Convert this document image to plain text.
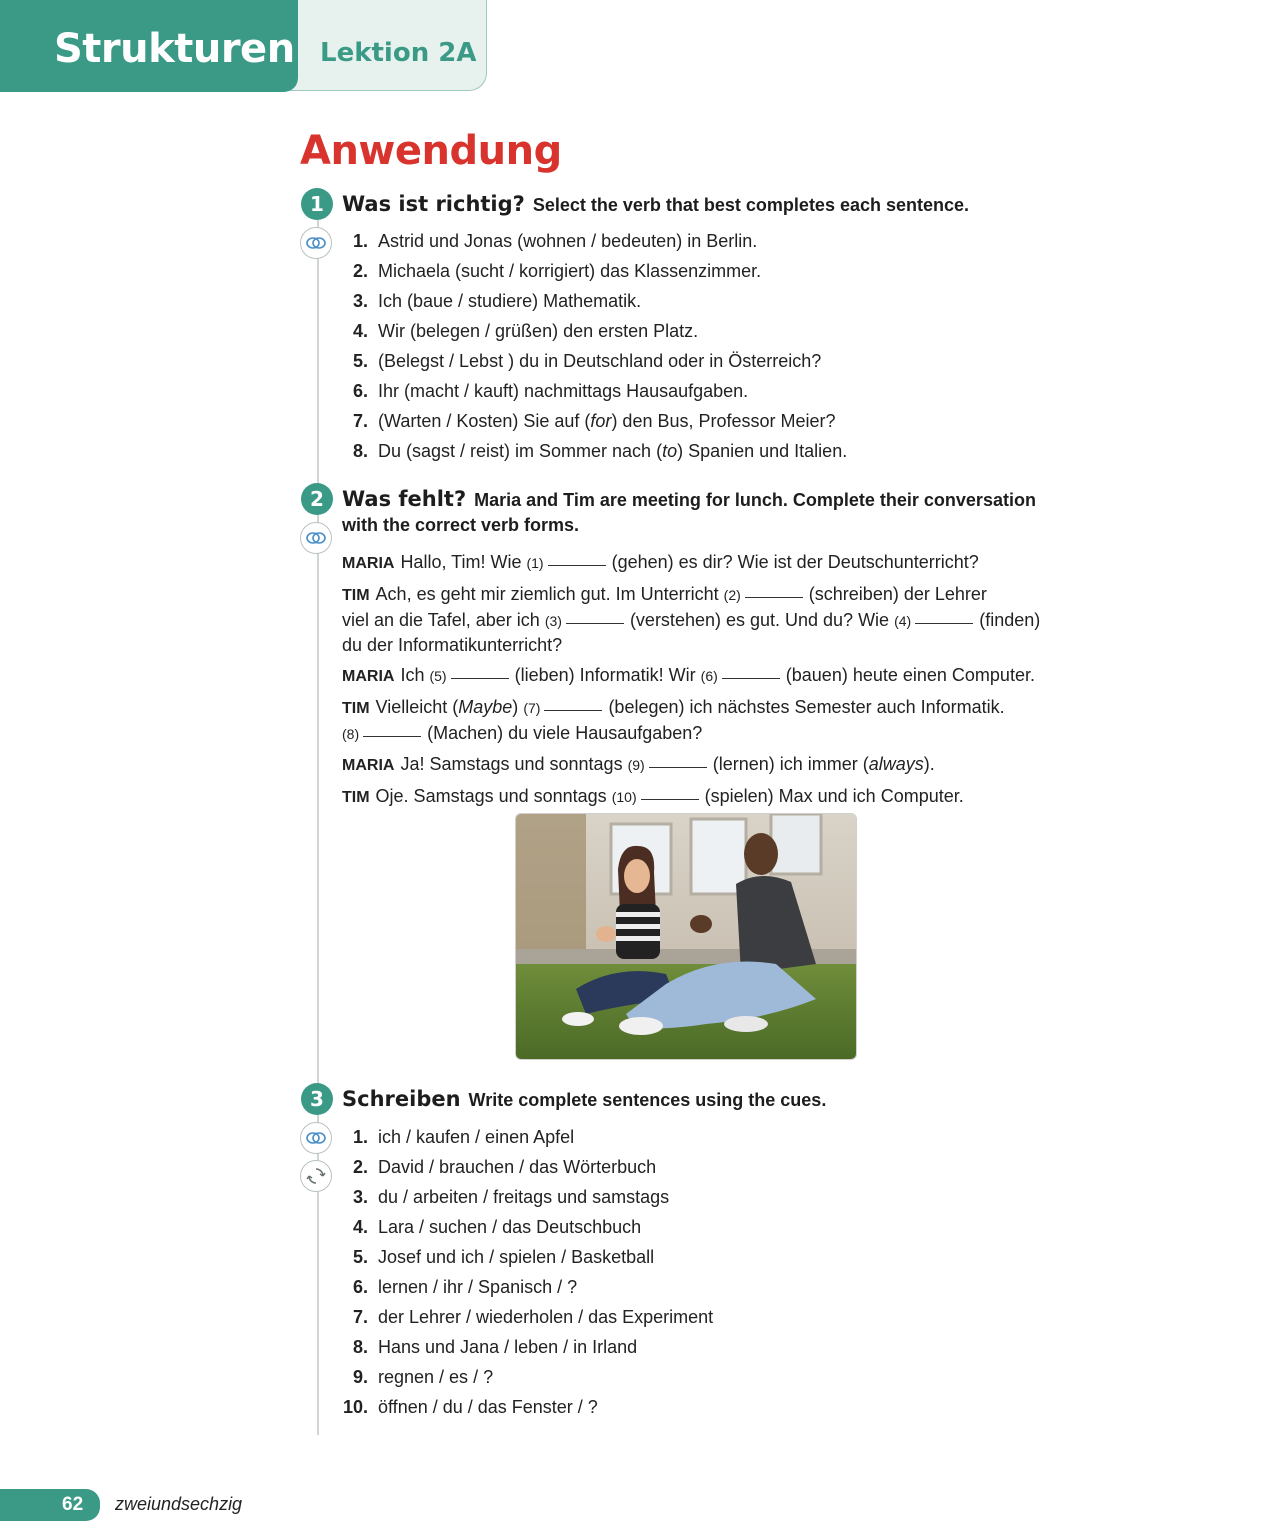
Strukturen Lektion 2A
Anwendung
1 Was ist richtig? Select the verb that best completes each sentence.
1. Astrid und Jonas (wohnen / bedeuten) in Berlin.
2. Michaela (sucht / korrigiert) das Klassenzimmer.
3. Ich (baue / studiere) Mathematik.
4. Wir (belegen / grüßen) den ersten Platz.
5. (Belegst / Lebst ) du in Deutschland oder in Österreich?
6. Ihr (macht / kauft) nachmittags Hausaufgaben.
7. (Warten / Kosten) Sie auf (for) den Bus, Professor Meier?
8. Du (sagst / reist) im Sommer nach (to) Spanien und Italien.
2 Was fehlt? Maria and Tim are meeting for lunch. Complete their conversation with the correct verb forms.
MARIA Hallo, Tim! Wie (1)	(gehen) es dir? Wie ist der Deutschunterricht?
TIM Ach, es geht mir ziemlich gut. Im Unterricht (2)	(schreiben) der Lehrer
viel an die Tafel, aber ich (3)	(verstehen) es gut. Und du? Wie (4)	(finden)
du der Informatikunterricht?
MARIA Ich (5)	(lieben) Informatik! Wir (6)	(bauen) heute einen Computer.
TIM Vielleicht (Maybe) (7)	(belegen) ich nächstes Semester auch Informatik.
(8)	(Machen) du viele Hausaufgaben?
MARIA Ja! Samstags und sonntags (9)	(lernen) ich immer (always).
TIM Oje. Samstags und sonntags (10)	(spielen) Max und ich Computer.
3 Schreiben Write complete sentences using the cues.
1. ich / kaufen / einen Apfel
2. David / brauchen / das Wörterbuch
3. du / arbeiten / freitags und samstags
4. Lara / suchen / das Deutschbuch
5. Josef und ich / spielen / Basketball
6. lernen / ihr / Spanisch / ?
7. der Lehrer / wiederholen / das Experiment
8. Hans und Jana / leben / in Irland
9. regnen / es / ?
10. öffnen / du / das Fenster / ?
62 zweiundsechzig
